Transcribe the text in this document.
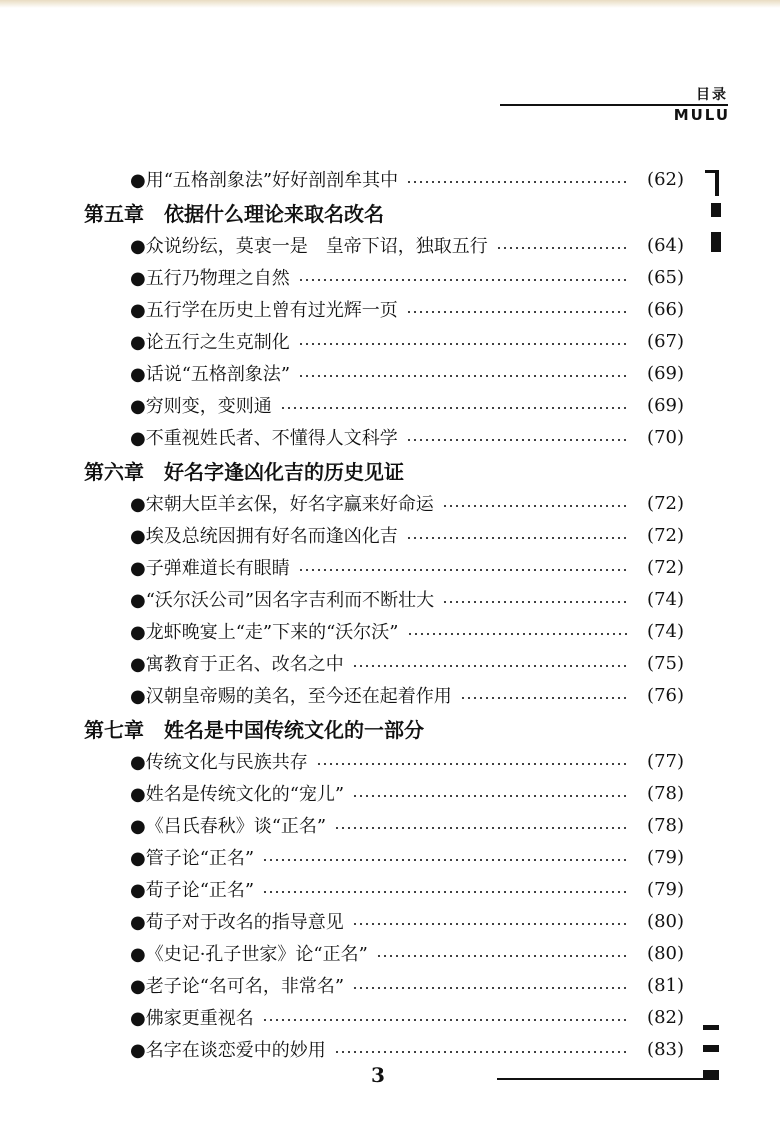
目录
MULU
●用“五格剖象法”好好剖剖牟其中	(62)
第五章 依据什么理论来取名改名
●众说纷纭，莫衷一是　皇帝下诏，独取五行	(64)
●五行乃物理之自然	(65)
●五行学在历史上曾有过光辉一页	(66)
●论五行之生克制化	(67)
●话说“五格剖象法”	(69)
●穷则变，变则通	(69)
●不重视姓氏者、不懂得人文科学	(70)
第六章 好名字逢凶化吉的历史见证
●宋朝大臣羊玄保，好名字赢来好命运	(72)
●埃及总统因拥有好名而逢凶化吉	(72)
●子弹难道长有眼睛	(72)
●“沃尔沃公司”因名字吉利而不断壮大	(74)
●龙虾晚宴上“走”下来的“沃尔沃”	(74)
●寓教育于正名、改名之中	(75)
●汉朝皇帝赐的美名，至今还在起着作用	(76)
第七章 姓名是中国传统文化的一部分
●传统文化与民族共存	(77)
●姓名是传统文化的“宠儿”	(78)
●《吕氏春秋》谈“正名”	(78)
●管子论“正名”	(79)
●荀子论“正名”	(79)
●荀子对于改名的指导意见	(80)
●《史记·孔子世家》论“正名”	(80)
●老子论“名可名，非常名”	(81)
●佛家更重视名	(82)
●名字在谈恋爱中的妙用	(83)
3
